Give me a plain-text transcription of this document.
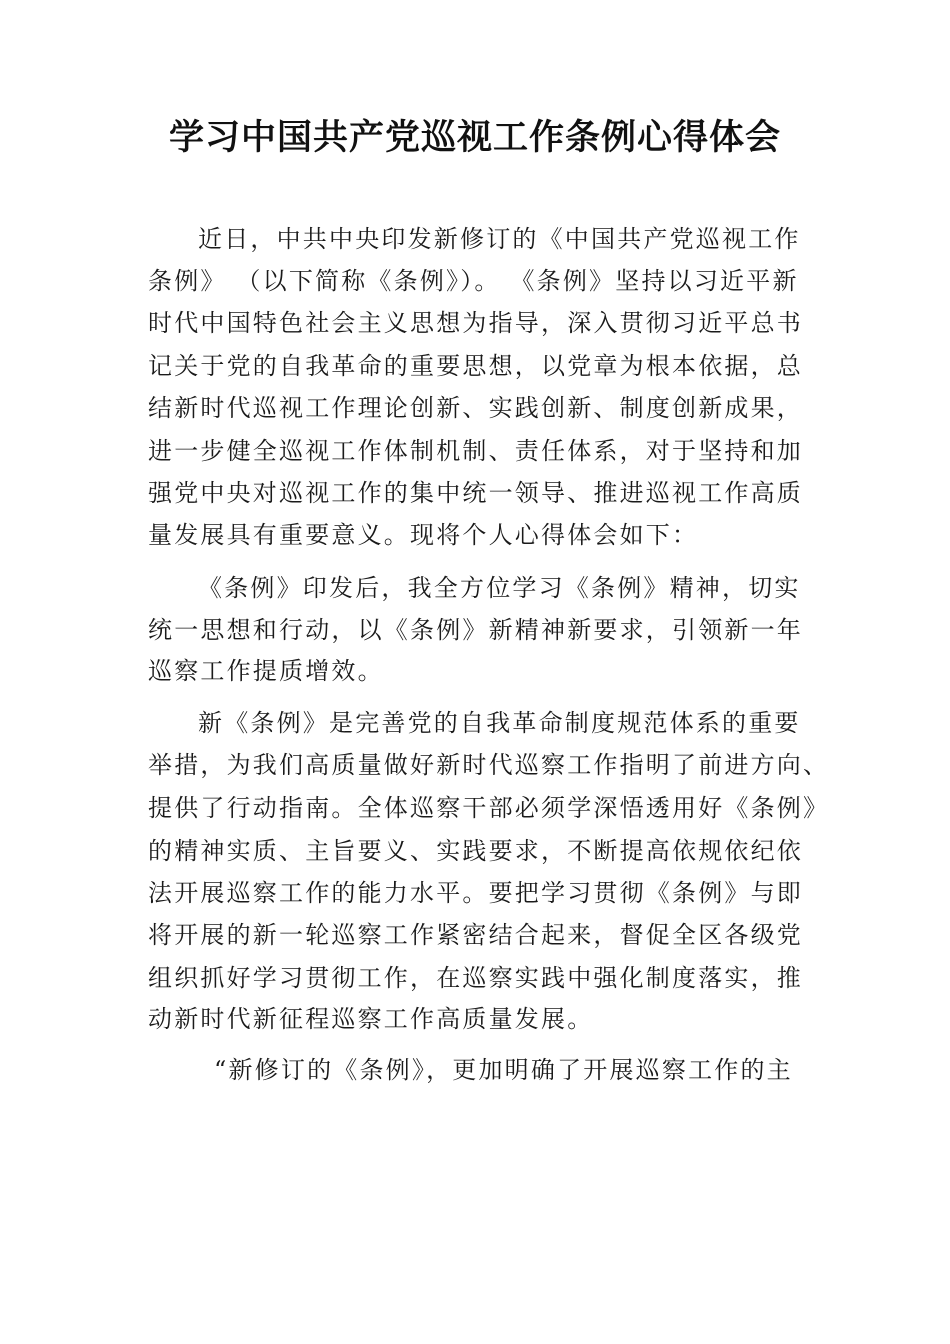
学习中国共产党巡视工作条例心得体会
近日，中共中央印发新修订的《中国共产党巡视工作
条例》 （以下简称《条例》）。 《条例》坚持以习近平新
时代中国特色社会主义思想为指导，深入贯彻习近平总书
记关于党的自我革命的重要思想，以党章为根本依据，总
结新时代巡视工作理论创新、实践创新、制度创新成果，
进一步健全巡视工作体制机制、责任体系，对于坚持和加
强党中央对巡视工作的集中统一领导、推进巡视工作高质
量发展具有重要意义。现将个人心得体会如下：
《条例》印发后，我全方位学习《条例》精神，切实
统一思想和行动，以《条例》新精神新要求，引领新一年
巡察工作提质增效。
新《条例》是完善党的自我革命制度规范体系的重要
举措，为我们高质量做好新时代巡察工作指明了前进方向、
提供了行动指南。全体巡察干部必须学深悟透用好《条例》
的精神实质、主旨要义、实践要求，不断提高依规依纪依
法开展巡察工作的能力水平。要把学习贯彻《条例》与即
将开展的新一轮巡察工作紧密结合起来，督促全区各级党
组织抓好学习贯彻工作，在巡察实践中强化制度落实，推
动新时代新征程巡察工作高质量发展。
“新修订的《条例》，更加明确了开展巡察工作的主
